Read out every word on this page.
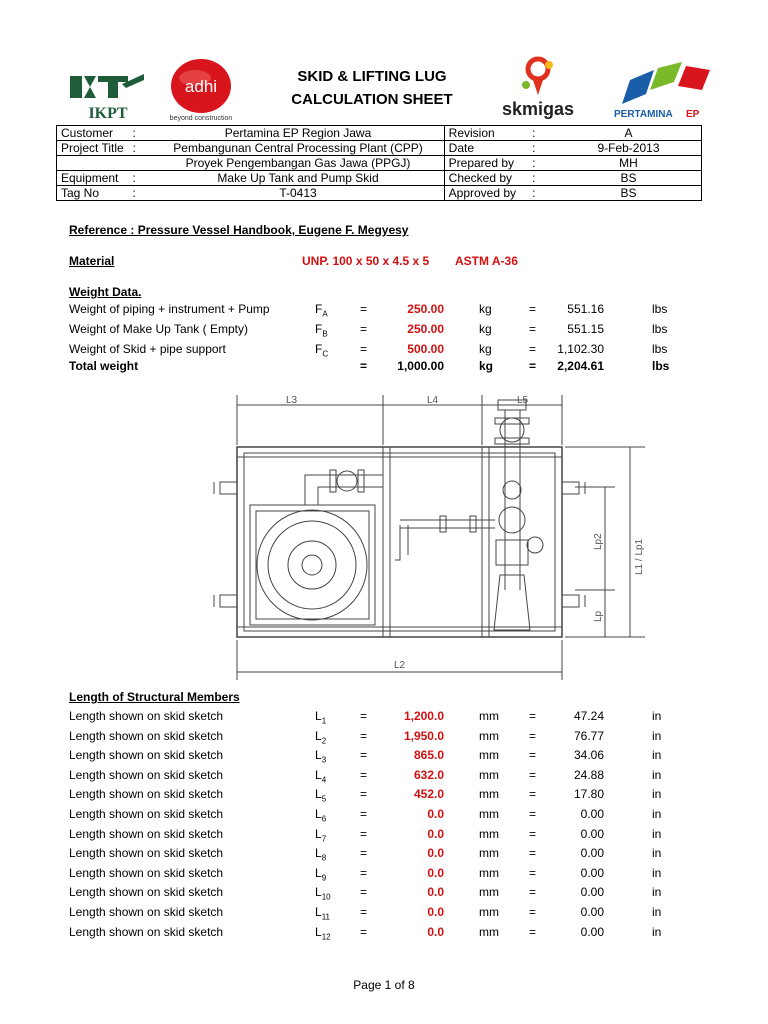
IKPT
adhi
beyond construction
SKID & LIFTING LUG
CALCULATION SHEET	skmigas	PERTAMINA EP
Customer	:	Pertamina EP Region Jawa	Revision	:	A
Project Title	:	Pembangunan Central Processing Plant (CPP)	Date	:	9-Feb-2013
		Proyek Pengembangan Gas Jawa (PPGJ)	Prepared by	:	MH
Equipment	:	Make Up Tank and Pump Skid	Checked by	:	BS
Tag No	:	T-0413	Approved by	:	BS
Reference : Pressure Vessel Handbook, Eugene F. Megyesy
Material	UNP. 100 x 50 x 4.5 x 5 ASTM A-36
Weight Data.
$F_A$
Weight of piping + instrument + Pump	=	250.00	kg	=	551.16	lbs
$F_B$
Weight of Make Up Tank ( Empty)	=	250.00	kg	=	551.15	lbs
$F_C$
Weight of Skid + pipe support	=	500.00	kg	= 1,102.30	lbs
Total weight	=	1,000.00	kg	= 2,204.61	lbs
L3	L4	L5
L2
Lp2
Lp
L1 / Lp1
Length of Structural Members
$L_1$
Length shown on skid sketch	=	1,200.0	mm	=	47.24	in
$L_2$
Length shown on skid sketch	=	1,950.0	mm	=	76.77	in
$L_3$
Length shown on skid sketch	=	865.0	mm	=	34.06	in
$L_4$
Length shown on skid sketch	=	632.0	mm	=	24.88	in
$L_5$
Length shown on skid sketch	=	452.0	mm	=	17.80	in
$L_6$
Length shown on skid sketch	=	0.0	mm	=	0.00	in
$L_7$
Length shown on skid sketch	=	0.0	mm	=	0.00	in
$L_8$
Length shown on skid sketch	=	0.0	mm	=	0.00	in
$L_9$
Length shown on skid sketch	=	0.0	mm	=	0.00	in
$L_{10}$
Length shown on skid sketch	=	0.0	mm	=	0.00	in
$L_{11}$
Length shown on skid sketch	=	0.0	mm	=	0.00	in
$L_{12}$
Length shown on skid sketch	=	0.0	mm	=	0.00	in
Page 1 of 8
